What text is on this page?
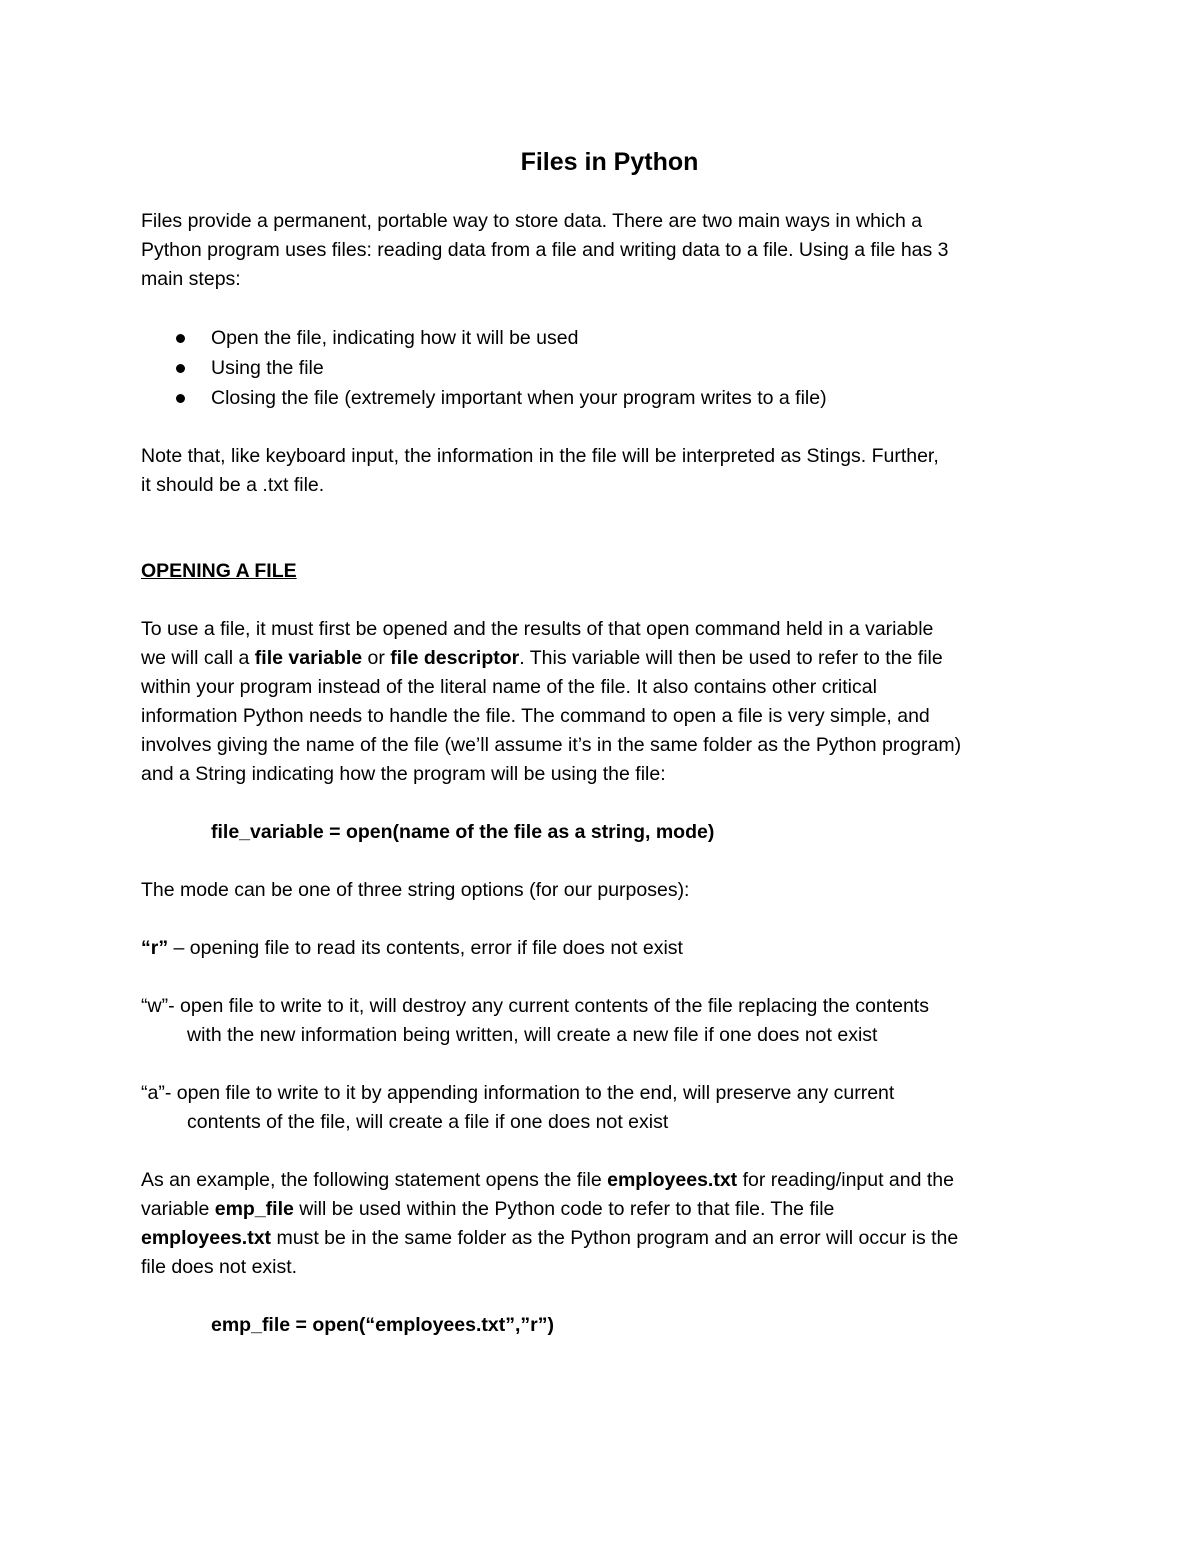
Files in Python

Files provide a permanent, portable way to store data. There are two main ways in which a
Python program uses files: reading data from a file and writing data to a file. Using a file has 3
main steps:

Open the file, indicating how it will be used
Using the file
Closing the file (extremely important when your program writes to a file)

Note that, like keyboard input, the information in the file will be interpreted as Stings. Further,
it should be a .txt file.

OPENING A FILE

To use a file, it must first be opened and the results of that open command held in a variable
we will call a file variable or file descriptor. This variable will then be used to refer to the file
within your program instead of the literal name of the file. It also contains other critical
information Python needs to handle the file. The command to open a file is very simple, and
involves giving the name of the file (we’ll assume it’s in the same folder as the Python program)
and a String indicating how the program will be using the file:

file_variable = open(name of the file as a string, mode)

The mode can be one of three string options (for our purposes):

“r” – opening file to read its contents, error if file does not exist
“w”- open file to write to it, will destroy any current contents of the file replacing the contents
with the new information being written, will create a new file if one does not exist
“a”- open file to write to it by appending information to the end, will preserve any current
contents of the file, will create a file if one does not exist

As an example, the following statement opens the file employees.txt for reading/input and the
variable emp_file will be used within the Python code to refer to that file. The file
employees.txt must be in the same folder as the Python program and an error will occur is the
file does not exist.

emp_file = open(“employees.txt”,”r”)
